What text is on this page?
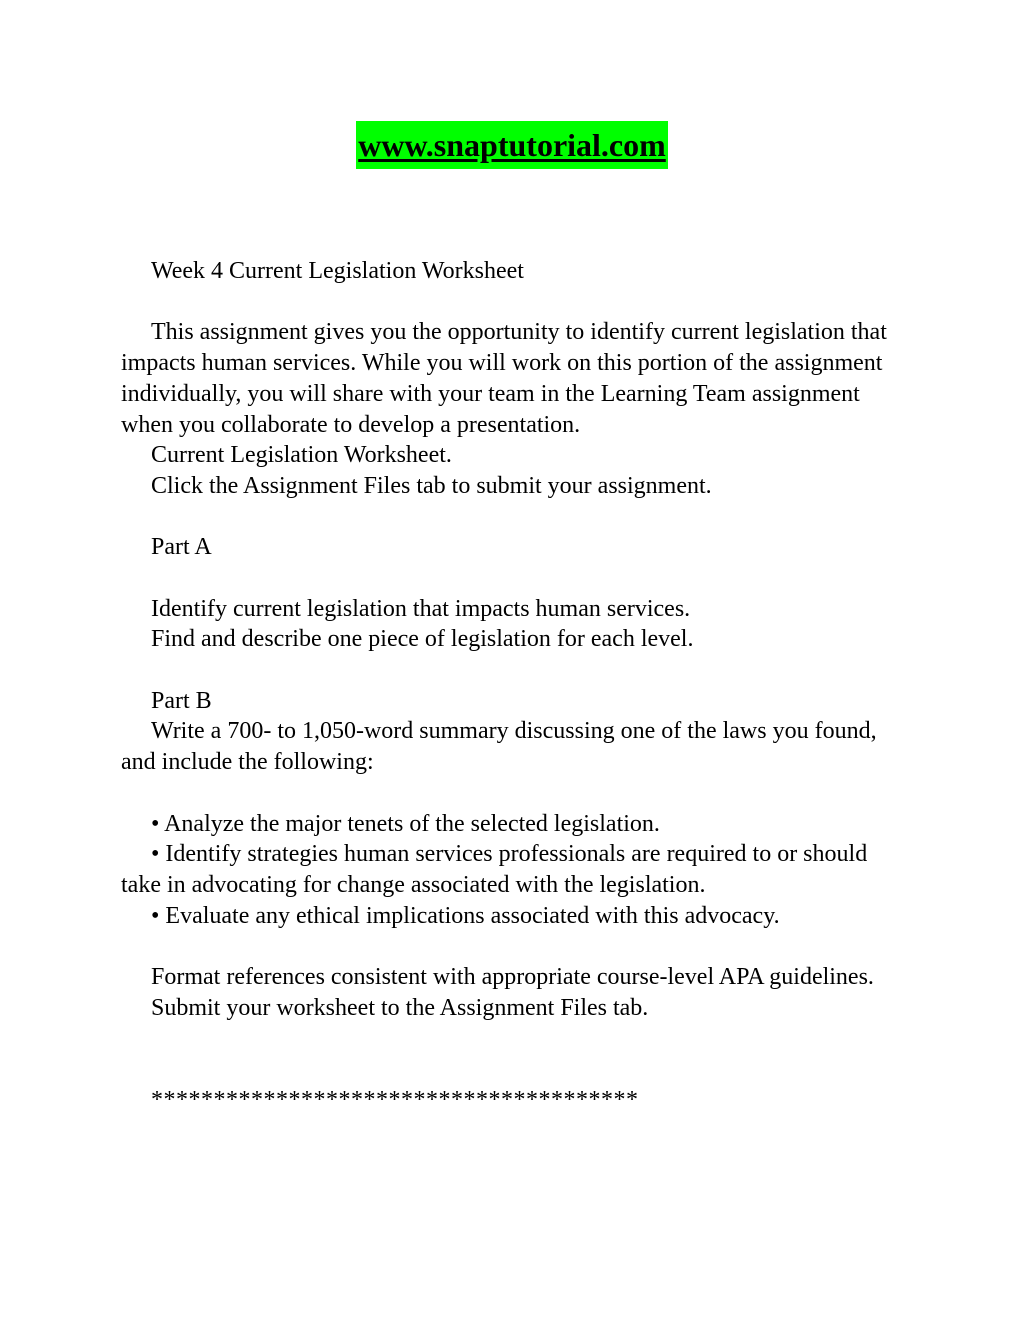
www.snaptutorial.com

Week 4 Current Legislation Worksheet

This assignment gives you the opportunity to identify current legislation that impacts human services. While you will work on this portion of the assignment individually, you will share with your team in the Learning Team assignment when you collaborate to develop a presentation.

Current Legislation Worksheet.

Click the Assignment Files tab to submit your assignment.

Part A

Identify current legislation that impacts human services.

Find and describe one piece of legislation for each level.

Part B

Write a 700- to 1,050-word summary discussing one of the laws you found, and include the following:

• Analyze the major tenets of the selected legislation.

• Identify strategies human services professionals are required to or should take in advocating for change associated with the legislation.

• Evaluate any ethical implications associated with this advocacy.

Format references consistent with appropriate course-level APA guidelines.

Submit your worksheet to the Assignment Files tab.

***************************************
